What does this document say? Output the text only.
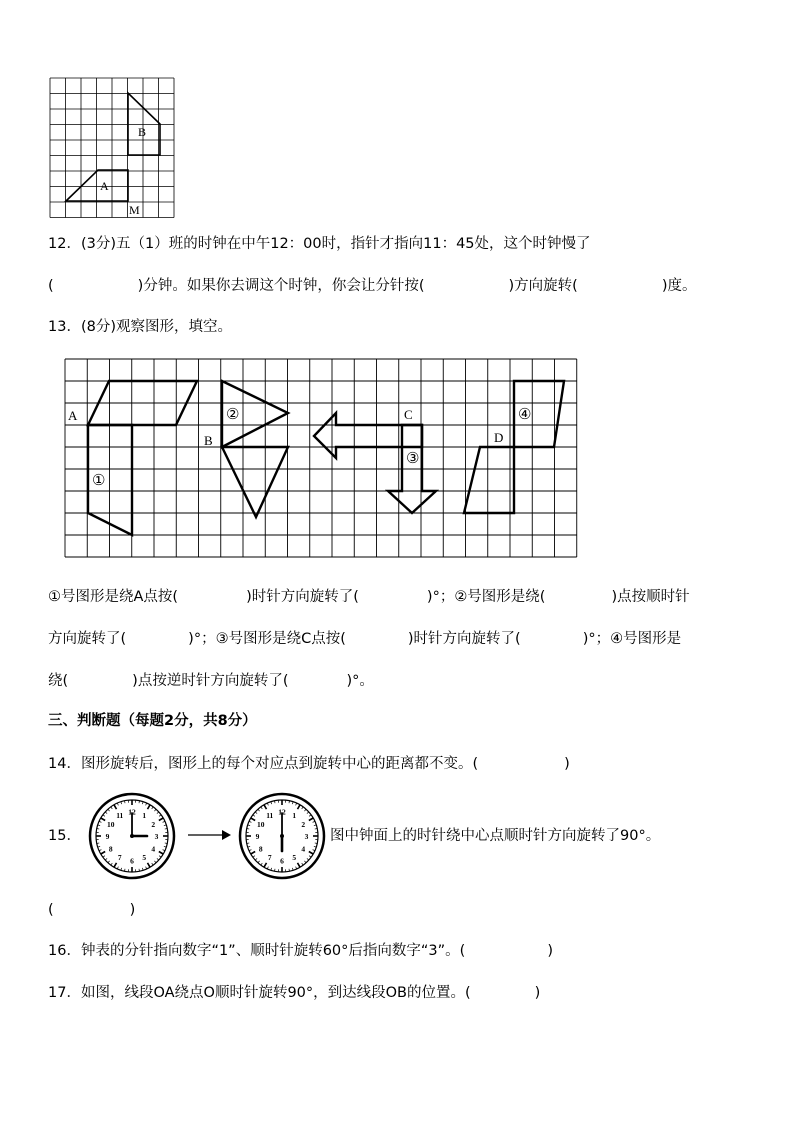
B
A
M
12．(3分)五（1）班的时钟在中午12：00时，指针才指向11：45处，这个时钟慢了
(	)分钟。如果你去调这个时钟，你会让分针按(	)方向旋转(	)度。
13．(8分)观察图形，填空。
A
B
C
D
①
②
③
④
①号图形是绕A点按(	)时针方向旋转了(	)°；②号图形是绕(	)点按顺时针
方向旋转了(	)°；③号图形是绕C点按(	)时针方向旋转了(	)°；④号图形是
绕(	)点按逆时针方向旋转了(	)°。
三、判断题（每题2分，共8分）
14．图形旋转后，图形上的每个对应点到旋转中心的距离都不变。(	)
15．
12 1
2
3
4
5
6
7
8
9
10
11	12 1
2
3
4
5
6
7
8
9
10
11
图中钟面上的时针绕中心点顺时针方向旋转了90°。
(	)
16．钟表的分针指向数字“1”、顺时针旋转60°后指向数字“3”。(	)
17．如图，线段OA绕点O顺时针旋转90°，到达线段OB的位置。(	)
